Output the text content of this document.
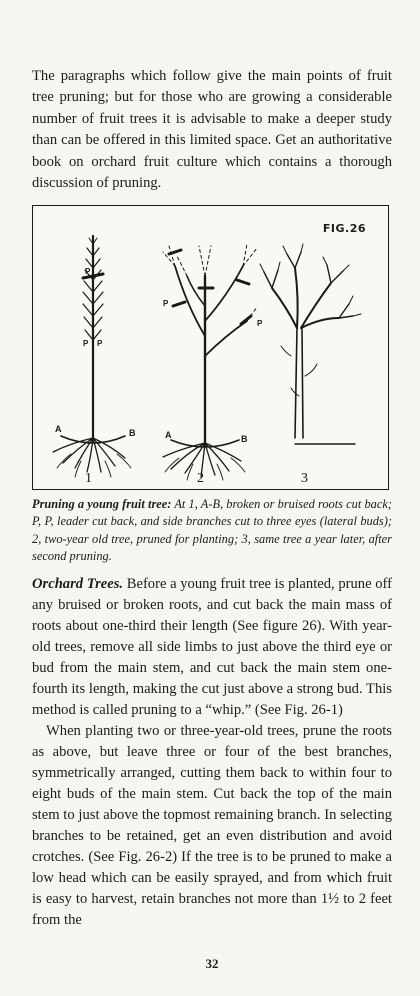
The paragraphs which follow give the main points of fruit tree pruning; but for those who are growing a considerable number of fruit trees it is advisable to make a deeper study than can be offered in this limited space. Get an authoritative book on orchard fruit culture which contains a thorough discussion of pruning.

FIG.26
P
P P
A	B
1
P
P
A	B
2	3

Pruning a young fruit tree: At 1, A-B, broken or bruised roots cut back; P, P, leader cut back, and side branches cut to three eyes (lateral buds); 2, two-year old tree, pruned for planting; 3, same tree a year later, after second pruning.

Orchard Trees. Before a young fruit tree is planted, prune off any bruised or broken roots, and cut back the main mass of roots about one-third their length (See figure 26). With year-old trees, remove all side limbs to just above the third eye or bud from the main stem, and cut back the main stem one-fourth its length, making the cut just above a strong bud. This method is called pruning to a “whip.” (See Fig. 26-1)

When planting two or three-year-old trees, prune the roots as above, but leave three or four of the best branches, symmetrically arranged, cutting them back to within four to eight buds of the main stem. Cut back the top of the main stem to just above the topmost remaining branch. In selecting branches to be retained, get an even distribution and avoid crotches. (See Fig. 26-2) If the tree is to be pruned to make a low head which can be easily sprayed, and from which fruit is easy to harvest, retain branches not more than 1½ to 2 feet from the

32
